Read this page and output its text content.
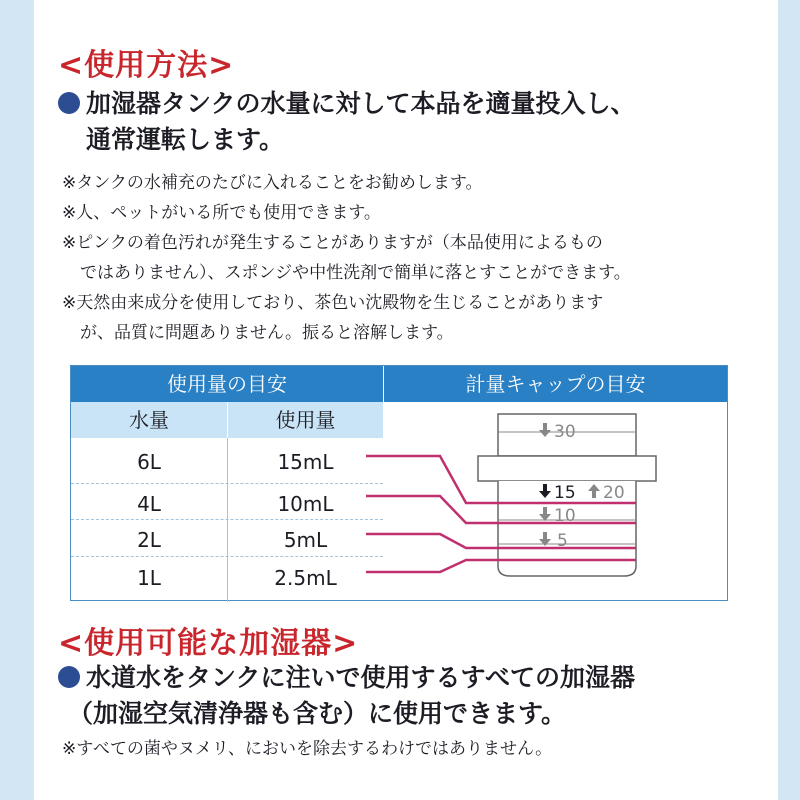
<使用方法>
加湿器タンクの水量に対して本品を適量投入し、
通常運転します。
※タンクの水補充のたびに入れることをお勧めします。
※人、ペットがいる所でも使用できます。
※ピンクの着色汚れが発生することがありますが（本品使用によるもの
ではありません）、スポンジや中性洗剤で簡単に落とすことができます。
※天然由来成分を使用しており、茶色い沈殿物を生じることがあります
が、品質に問題ありません。振ると溶解します。
使用量の目安	計量キャップの目安
水量	使用量
6L	15mL
4L	10mL
2L	5mL
1L	2.5mL
30
15 20
10
5
<使用可能な加湿器>
水道水をタンクに注いで使用するすべての加湿器
（加湿空気清浄器も含む）に使用できます。
※すべての菌やヌメリ、においを除去するわけではありません。
